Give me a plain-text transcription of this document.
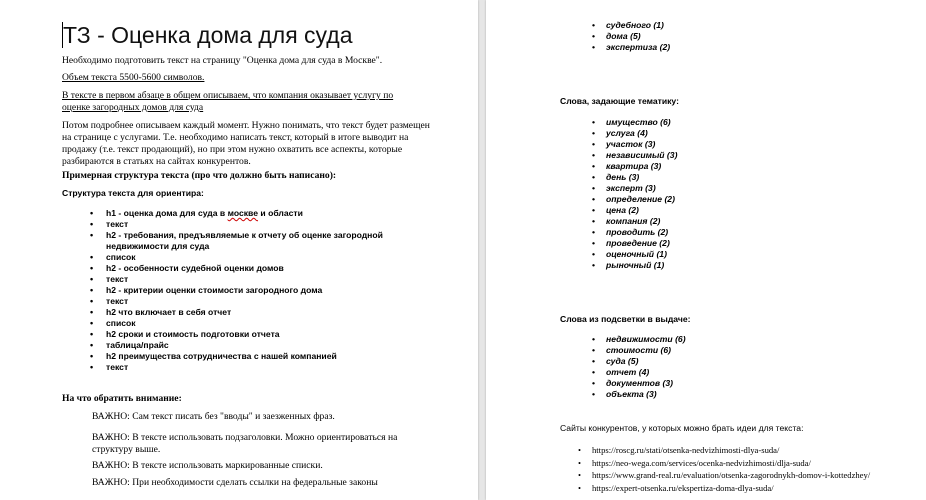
ТЗ - Оценка дома для суда

Необходимо подготовить текст на страницу "Оценка дома для суда в Москве".

Объем текста 5500-5600 символов.

В тексте в первом абзаце в общем описываем, что компания оказывает услугу по оценке загородных домов для суда

Потом подробнее описываем каждый момент. Нужно понимать, что текст будет размещен на странице с услугами. Т.е. необходимо написать текст, который в итоге выводит на продажу (т.е. текст продающий), но при этом нужно охватить все аспекты, которые разбираются в статьях на сайтах конкурентов.

Примерная структура текста (про что должно быть написано):

Структура текста для ориентира:

• h1 - оценка дома для суда в москве и области
• текст
• h2 - требования, предъявляемые к отчету об оценке загородной недвижимости для суда
• список
• h2 - особенности судебной оценки домов
• текст
• h2 - критерии оценки стоимости загородного дома
• текст
• h2 что включает в себя отчет
• список
• h2 сроки и стоимость подготовки отчета
• таблица/прайс
• h2 преимущества сотрудничества с нашей компанией
• текст

На что обратить внимание:

ВАЖНО: Сам текст писать без "вводы" и заезженных фраз.

ВАЖНО: В тексте использовать подзаголовки. Можно ориентироваться на структуру выше.

ВАЖНО: В тексте использовать маркированные списки.

ВАЖНО: При необходимости сделать ссылки на федеральные законы

• судебного (1)
• дома (5)
• экспертиза (2)

Слова, задающие тематику:

• имущество (6)
• услуга (4)
• участок (3)
• независимый (3)
• квартира (3)
• день (3)
• эксперт (3)
• определение (2)
• цена (2)
• компания (2)
• проводить (2)
• проведение (2)
• оценочный (1)
• рыночный (1)

Слова из подсветки в выдаче:

• недвижимости (6)
• стоимости (6)
• суда (5)
• отчет (4)
• документов (3)
• объекта (3)

Сайты конкурентов, у которых можно брать идеи для текста:

• https://roscg.ru/stati/otsenka-nedvizhimosti-dlya-suda/
• https://neo-wega.com/services/ocenka-nedvizhimosti/dlja-suda/
• https://www.grand-real.ru/evaluation/otsenka-zagorodnykh-domov-i-kottedzhey/
• https://expert-otsenka.ru/ekspertiza-doma-dlya-suda/
